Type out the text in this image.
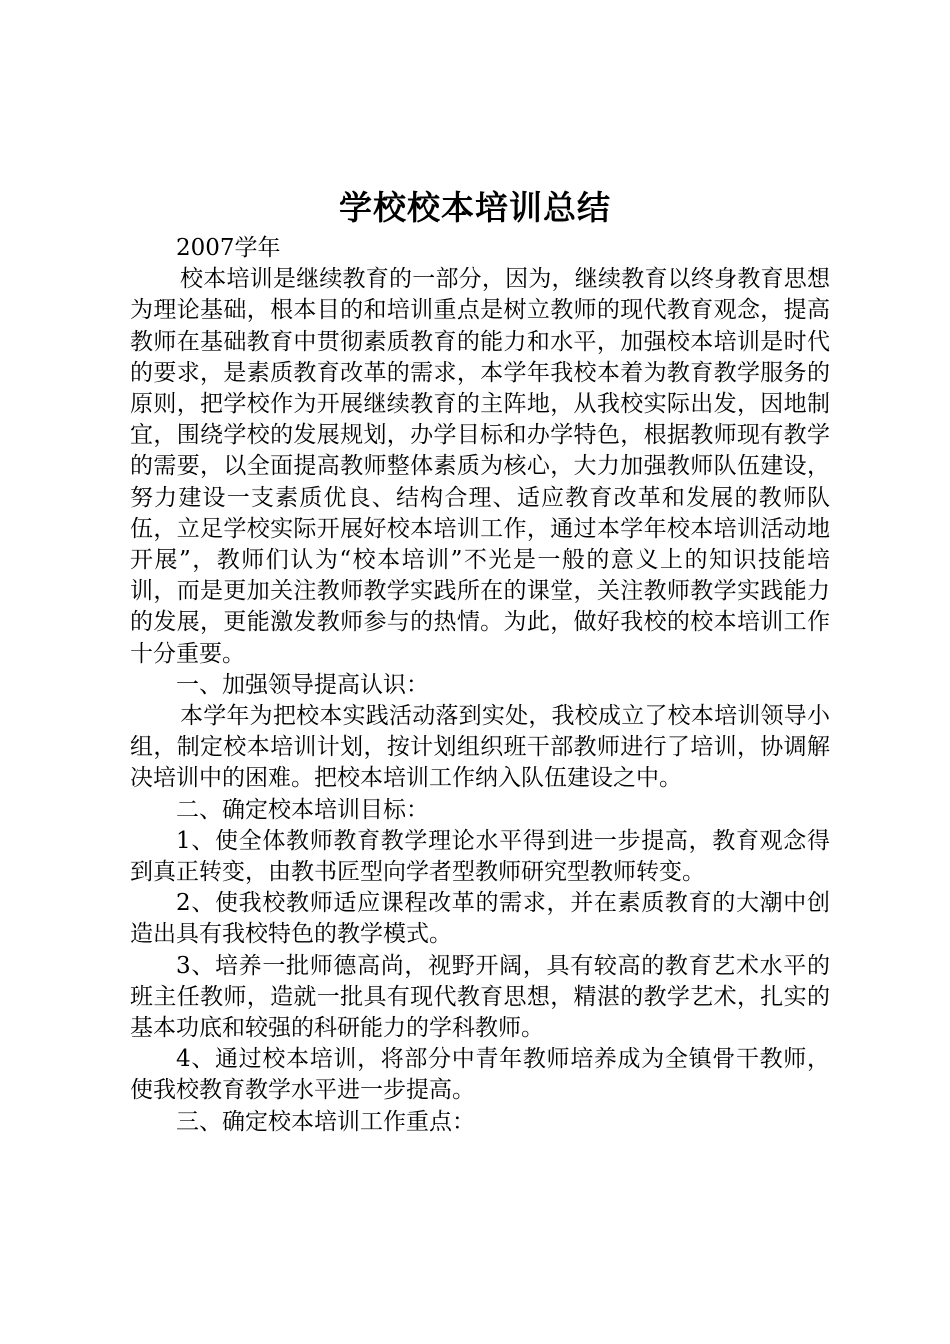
学校校本培训总结

2007学年

校本培训是继续教育的一部分，因为，继续教育以终身教育思想为理论基础，根本目的和培训重点是树立教师的现代教育观念，提高教师在基础教育中贯彻素质教育的能力和水平，加强校本培训是时代的要求，是素质教育改革的需求，本学年我校本着为教育教学服务的原则，把学校作为开展继续教育的主阵地，从我校实际出发，因地制宜，围绕学校的发展规划，办学目标和办学特色，根据教师现有教学的需要，以全面提高教师整体素质为核心，大力加强教师队伍建设，努力建设一支素质优良、结构合理、适应教育改革和发展的教师队伍，立足学校实际开展好校本培训工作，通过本学年校本培训活动地开展”，教师们认为“校本培训”不光是一般的意义上的知识技能培训，而是更加关注教师教学实践所在的课堂，关注教师教学实践能力的发展，更能激发教师参与的热情。为此，做好我校的校本培训工作十分重要。

一、加强领导提高认识：

本学年为把校本实践活动落到实处，我校成立了校本培训领导小组，制定校本培训计划，按计划组织班干部教师进行了培训，协调解决培训中的困难。把校本培训工作纳入队伍建设之中。

二、确定校本培训目标：

1、使全体教师教育教学理论水平得到进一步提高，教育观念得到真正转变，由教书匠型向学者型教师研究型教师转变。

2、使我校教师适应课程改革的需求，并在素质教育的大潮中创造出具有我校特色的教学模式。

3、培养一批师德高尚，视野开阔，具有较高的教育艺术水平的班主任教师，造就一批具有现代教育思想，精湛的教学艺术，扎实的基本功底和较强的科研能力的学科教师。

4、通过校本培训，将部分中青年教师培养成为全镇骨干教师，使我校教育教学水平进一步提高。

三、确定校本培训工作重点：
